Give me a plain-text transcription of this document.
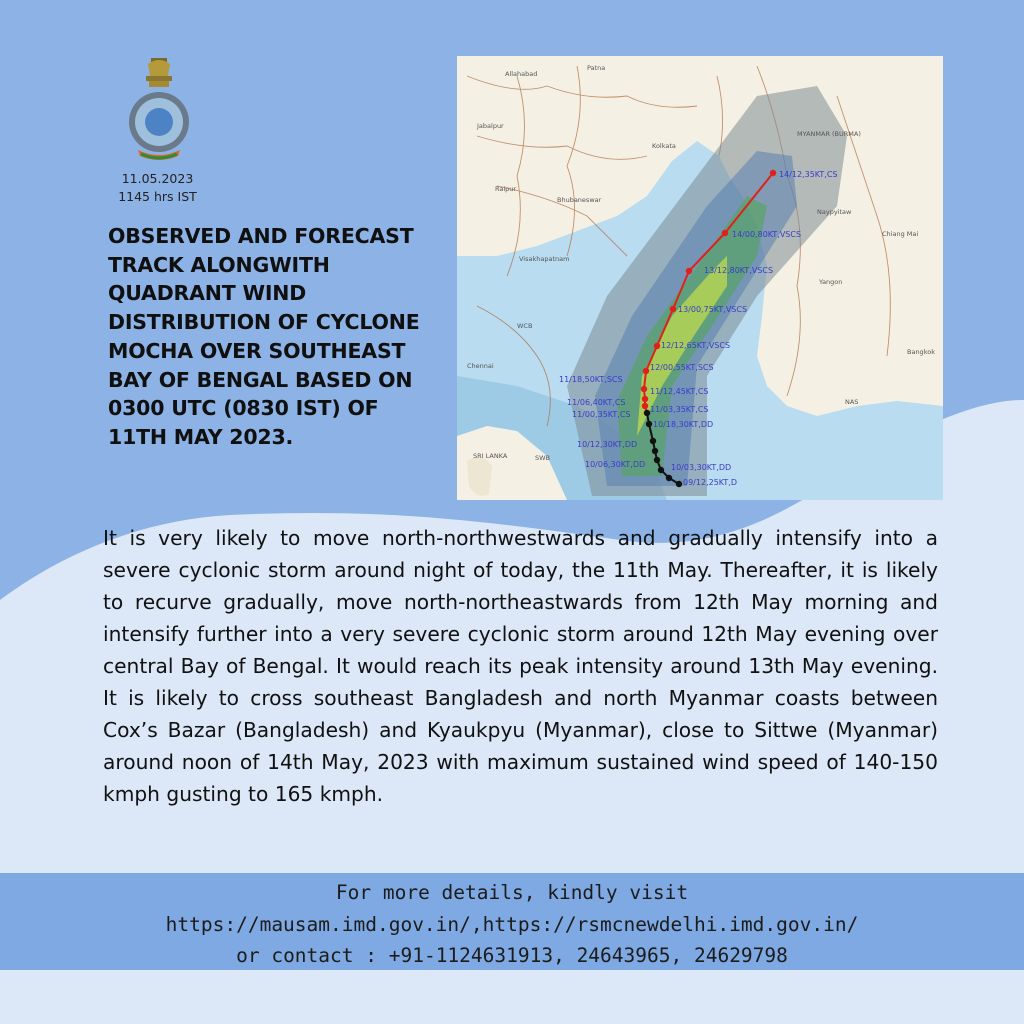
11.05.2023
1145 hrs IST
OBSERVED AND FORECAST TRACK ALONGWITH QUADRANT WIND DISTRIBUTION OF CYCLONE MOCHA OVER SOUTHEAST BAY OF BENGAL BASED ON 0300 UTC (0830 IST) OF 11TH MAY 2023.
Allahabad
Patna
Jabalpur
Raipur
Kolkata
Bhubaneswar
Visakhapatnam
Chennai
Naypyitaw
Yangon
Chiang Mai
Bangkok
SRI LANKA
MYANMAR (BURMA)
WCB
NAS
SWB
14/12,35KT,CS
14/00,80KT,VSCS
13/12,80KT,VSCS
13/00,75KT,VSCS
12/12,65KT,VSCS
12/00,55KT,SCS
11/18,50KT,SCS
11/12,45KT,CS
11/06,40KT,CS
11/03,35KT,CS
11/00,35KT,CS
10/18,30KT,DD
10/12,30KT,DD
10/06,30KT,DD	10/03,30KT,DD
09/12,25KT,D
It is very likely to move north-northwestwards and gradually intensify into a severe cyclonic storm around night of today, the 11th May. Thereafter, it is likely to recurve gradually, move north-northeastwards from 12th May morning and intensify further into a very severe cyclonic storm around 12th May evening over central Bay of Bengal. It would reach its peak intensity around 13th May evening. It is likely to cross southeast Bangladesh and north Myanmar coasts between Cox’s Bazar (Bangladesh) and Kyaukpyu (Myanmar), close to Sittwe (Myanmar) around noon of 14th May, 2023 with maximum sustained wind speed of 140-150 kmph gusting to 165 kmph.
For more details, kindly visit
https://mausam.imd.gov.in/,https://rsmcnewdelhi.imd.gov.in/
or contact : +91-1124631913, 24643965, 24629798
